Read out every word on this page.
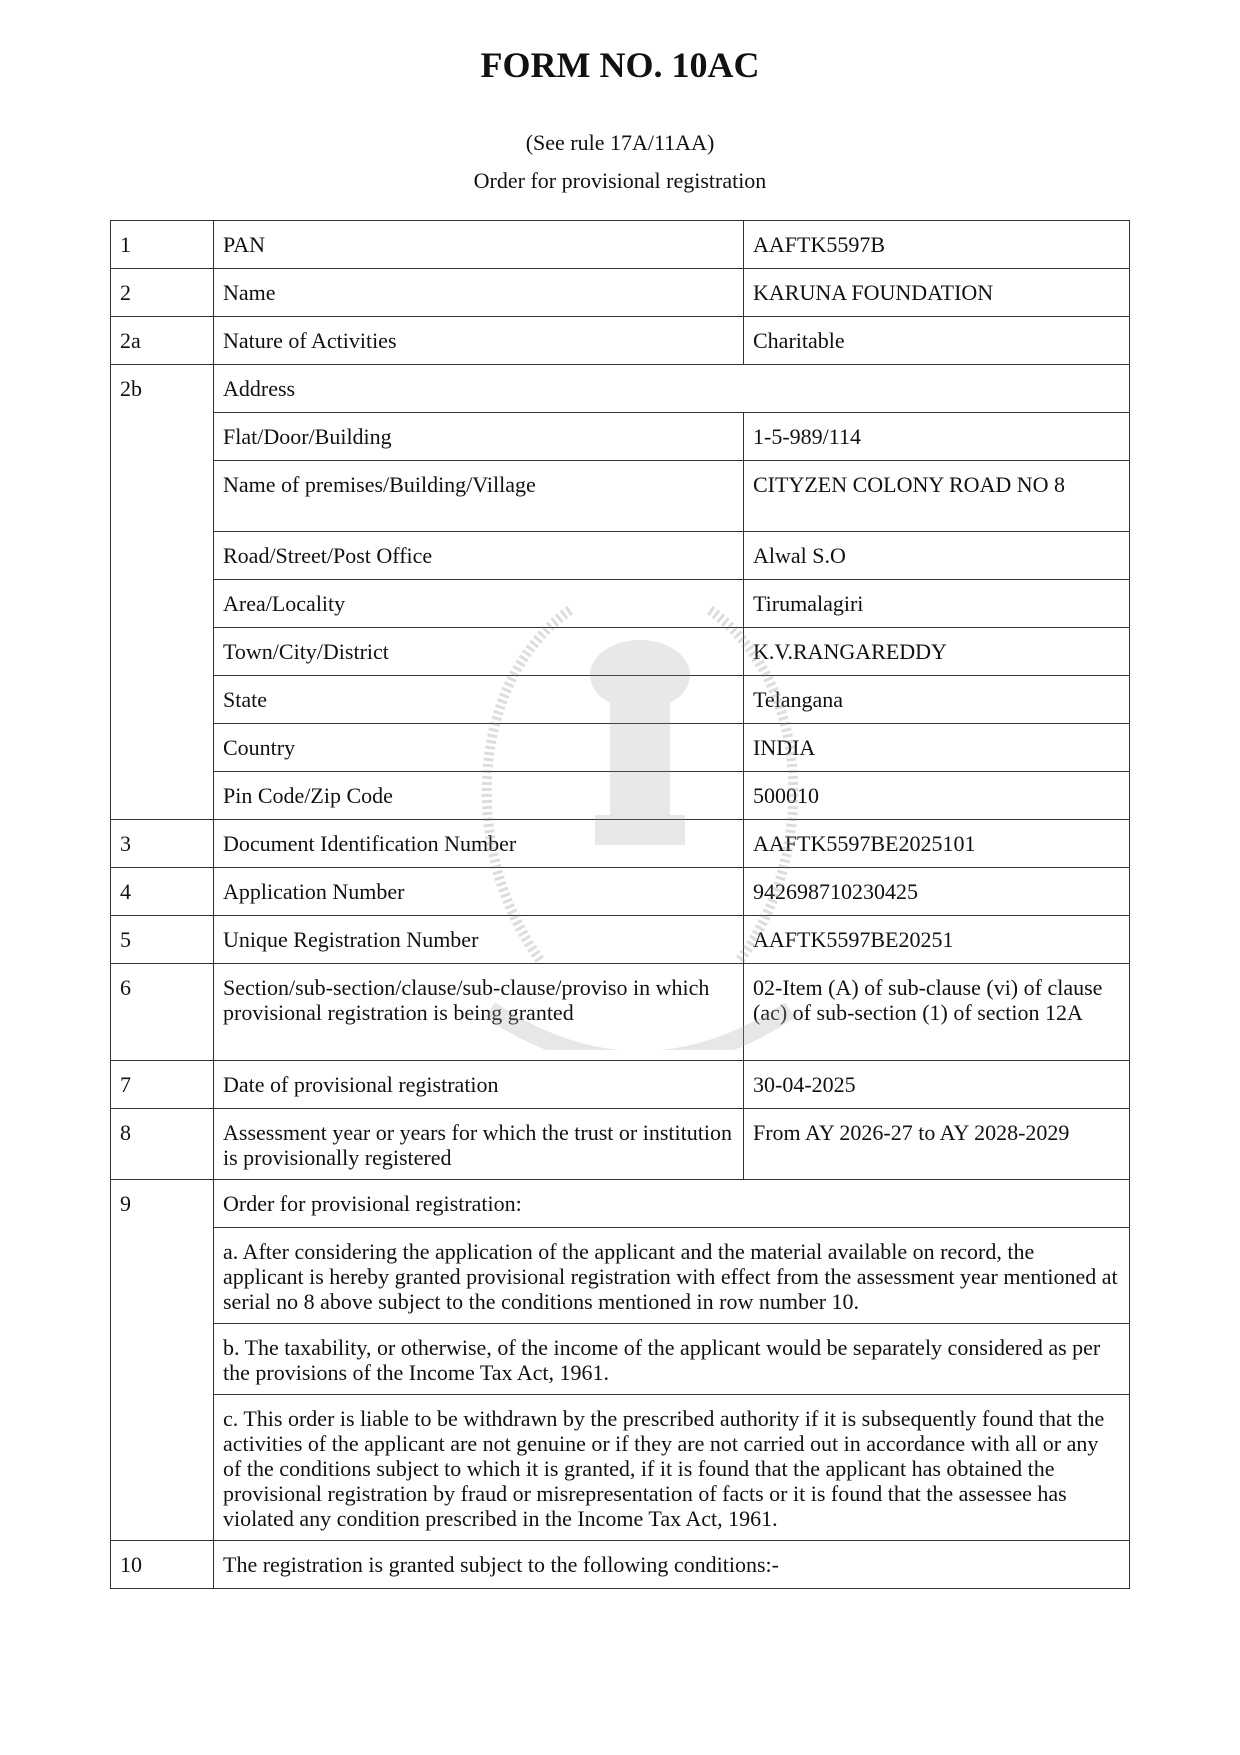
FORM NO. 10AC
(See rule 17A/11AA)
Order for provisional registration
1	PAN	AAFTK5597B
2	Name	KARUNA FOUNDATION
2a	Nature of Activities	Charitable
2b	Address	
	Flat/Door/Building	1-5-989/114
	Name of premises/Building/Village	CITYZEN COLONY ROAD NO 8
	Road/Street/Post Office	Alwal S.O
	Area/Locality	Tirumalagiri
	Town/City/District	K.V.RANGAREDDY
	State	Telangana
	Country	INDIA
	Pin Code/Zip Code	500010
3	Document Identification Number	AAFTK5597BE2025101
4	Application Number	942698710230425
5	Unique Registration Number	AAFTK5597BE20251
6	Section/sub-section/clause/sub-clause/proviso in which provisional registration is being granted	02-Item (A) of sub-clause (vi) of clause (ac) of sub-section (1) of section 12A
7	Date of provisional registration	30-04-2025
8	Assessment year or years for which the trust or institution is provisionally registered	From AY 2026-27 to AY 2028-2029
9	Order for provisional registration:	
	a. After considering the application of the applicant and the material available on record, the applicant is hereby granted provisional registration with effect from the assessment year mentioned at serial no 8 above subject to the conditions mentioned in row number 10.	
	b. The taxability, or otherwise, of the income of the applicant would be separately considered as per the provisions of the Income Tax Act, 1961.	
	c. This order is liable to be withdrawn by the prescribed authority if it is subsequently found that the activities of the applicant are not genuine or if they are not carried out in accordance with all or any of the conditions subject to which it is granted, if it is found that the applicant has obtained the provisional registration by fraud or misrepresentation of facts or it is found that the assessee has violated any condition prescribed in the Income Tax Act, 1961.	
10	The registration is granted subject to the following conditions:-	
